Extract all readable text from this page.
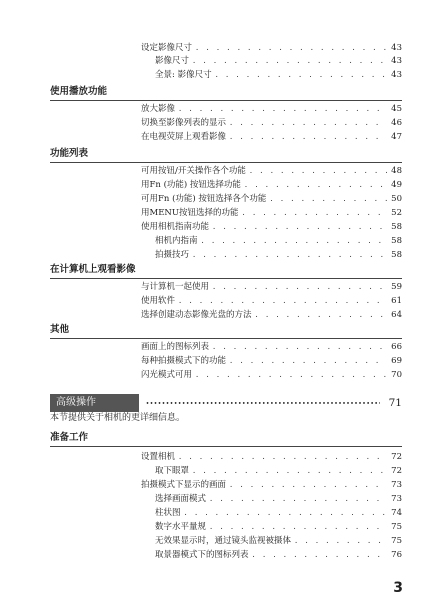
设定影像尺寸 . . .	43
影像尺寸 . . .	43
全景: 影像尺寸 . . .	43
使用播放功能
放大影像 . . .	45
切换至影像列表的显示 . . .	46
在电视荧屏上观看影像 . . .	47
功能列表
可用按钮/开关操作各个功能 . . .	48
用Fn (功能) 按钮选择功能 . . .	49
可用Fn (功能) 按钮选择各个功能 . . .	50
用MENU按钮选择的功能 . . .	52
使用相机指南功能 . . .	58
相机内指南 . . .	58
拍摄技巧 . . .	58
在计算机上观看影像
与计算机一起使用 . . .	59
使用软件 . . .	61
选择创建动态影像光盘的方法 . . .	64
其他
画面上的图标列表 . . .	66
每种拍摄模式下的功能 . . .	69
闪光模式可用 . . .	70
高级操作 •••••	71
本节提供关于相机的更详细信息。
准备工作
设置相机 . . .	72
取下眼罩 . . .	72
拍摄模式下显示的画面 . . .	73
选择画面模式 . . .	73
柱状图 . . .	74
数字水平量规 . . .	75
无效果显示时，通过镜头监视被摄体 . . .	75
取景器模式下的图标列表 . . .	76
3
